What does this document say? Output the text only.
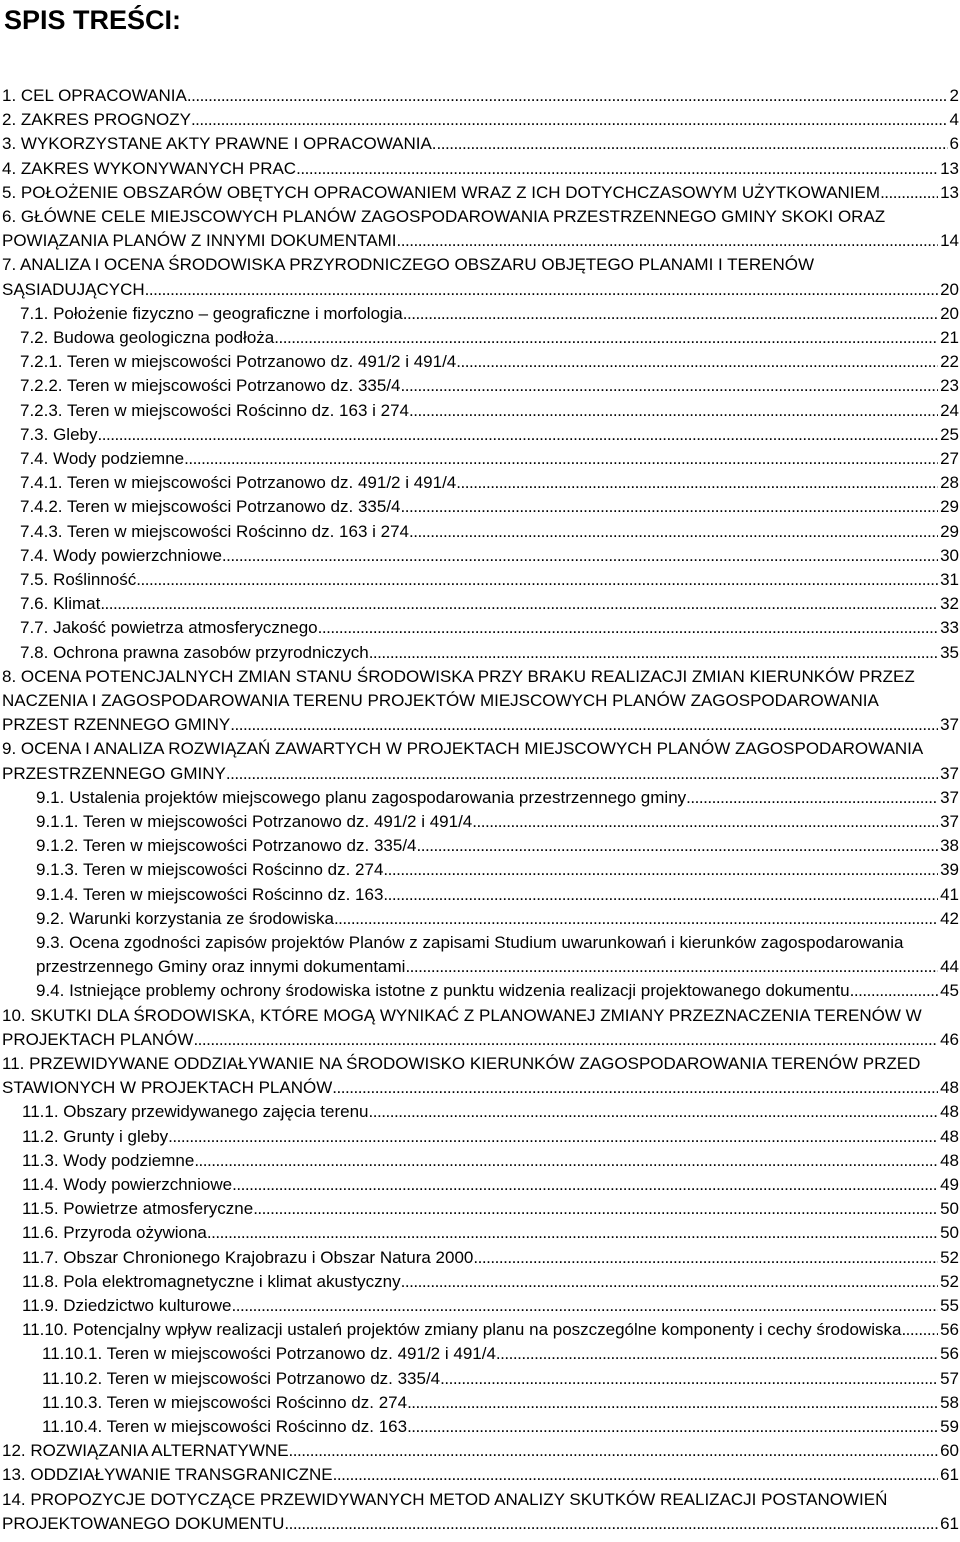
SPIS TREŚCI:
1. CEL OPRACOWANIA . . .	2
2. ZAKRES PROGNOZY . . .	4
3. WYKORZYSTANE AKTY PRAWNE I OPRACOWANIA. . . .	6
4. ZAKRES WYKONYWANYCH PRAC . . .	13
5. POŁOŻENIE OBSZARÓW OBĘTYCH OPRACOWANIEM WRAZ Z ICH DOTYCHCZASOWYM UŻYTKOWANIEM . . .	13
6. GŁÓWNE CELE MIEJSCOWYCH PLANÓW ZAGOSPODAROWANIA PRZESTRZENNEGO GMINY SKOKI ORAZ
POWIĄZANIA PLANÓW Z INNYMI DOKUMENTAMI . . .	14
7. ANALIZA I OCENA ŚRODOWISKA PRZYRODNICZEGO OBSZARU OBJĘTEGO PLANAMI I TERENÓW
SĄSIADUJĄCYCH . . .	20
7.1. Położenie fizyczno – geograficzne i morfologia . . .	20
7.2. Budowa geologiczna podłoża . . .	21
7.2.1. Teren w miejscowości Potrzanowo dz. 491/2 i 491/4 . . .	22
7.2.2. Teren w miejscowości Potrzanowo dz. 335/4 . . .	23
7.2.3. Teren w miejscowości Rościnno dz. 163 i 274 . . .	24
7.3. Gleby . . .	25
7.4. Wody podziemne . . .	27
7.4.1. Teren w miejscowości Potrzanowo dz. 491/2 i 491/4 . . .	28
7.4.2. Teren w miejscowości Potrzanowo dz. 335/4 . . .	29
7.4.3. Teren w miejscowości Rościnno dz. 163 i 274 . . .	29
7.4. Wody powierzchniowe . . .	30
7.5. Roślinność . . .	31
7.6. Klimat . . .	32
7.7. Jakość powietrza atmosferycznego . . .	33
7.8. Ochrona prawna zasobów przyrodniczych . . .	35
8. OCENA POTENCJALNYCH ZMIAN STANU ŚRODOWISKA PRZY BRAKU REALIZACJI ZMIAN KIERUNKÓW PRZEZ
NACZENIA I ZAGOSPODAROWANIA TERENU PROJEKTÓW MIEJSCOWYCH PLANÓW ZAGOSPODAROWANIA
PRZEST RZENNEGO GMINY . . .	37
9. OCENA I ANALIZA ROZWIĄZAŃ ZAWARTYCH W PROJEKTACH MIEJSCOWYCH PLANÓW ZAGOSPODAROWANIA
PRZESTRZENNEGO GMINY . . .	37
9.1. Ustalenia projektów miejscowego planu zagospodarowania przestrzennego gminy . . .	37
9.1.1. Teren w miejscowości Potrzanowo dz. 491/2 i 491/4 . . .	37
9.1.2. Teren w miejscowości Potrzanowo dz. 335/4 . . .	38
9.1.3. Teren w miejscowości Rościnno dz. 274 . . .	39
9.1.4. Teren w miejscowości Rościnno dz. 163 . . .	41
9.2. Warunki korzystania ze środowiska . . .	42
9.3. Ocena zgodności zapisów projektów Planów z zapisami Studium uwarunkowań i kierunków zagospodarowania
przestrzennego Gminy oraz innymi dokumentami . . .	44
9.4. Istniejące problemy ochrony środowiska istotne z punktu widzenia realizacji projektowanego dokumentu . . .	45
10. SKUTKI DLA ŚRODOWISKA, KTÓRE MOGĄ WYNIKAĆ Z PLANOWANEJ ZMIANY PRZEZNACZENIA TERENÓW W
PROJEKTACH PLANÓW . . .	46
11. PRZEWIDYWANE ODDZIAŁYWANIE NA ŚRODOWISKO KIERUNKÓW ZAGOSPODAROWANIA TERENÓW PRZED
STAWIONYCH W PROJEKTACH PLANÓW . . .	48
11.1. Obszary przewidywanego zajęcia terenu . . .	48
11.2. Grunty i gleby . . .	48
11.3. Wody podziemne . . .	48
11.4. Wody powierzchniowe . . .	49
11.5. Powietrze atmosferyczne . . .	50
11.6. Przyroda ożywiona . . .	50
11.7. Obszar Chronionego Krajobrazu i Obszar Natura 2000 . . .	52
11.8. Pola elektromagnetyczne i klimat akustyczny . . .	52
11.9. Dziedzictwo kulturowe . . .	55
11.10. Potencjalny wpływ realizacji ustaleń projektów zmiany planu na poszczególne komponenty i cechy środowiska . . . 56
11.10.1. Teren w miejscowości Potrzanowo dz. 491/2 i 491/4 . . .	56
11.10.2. Teren w miejscowości Potrzanowo dz. 335/4 . . .	57
11.10.3. Teren w miejscowości Rościnno dz. 274 . . .	58
11.10.4. Teren w miejscowości Rościnno dz. 163 . . .	59
12. ROZWIĄZANIA ALTERNATYWNE . . .	60
13. ODDZIAŁYWANIE TRANSGRANICZNE . . .	61
14. PROPOZYCJE DOTYCZĄCE PRZEWIDYWANYCH METOD ANALIZY SKUTKÓW REALIZACJI POSTANOWIEŃ
PROJEKTOWANEGO DOKUMENTU . . .	61
